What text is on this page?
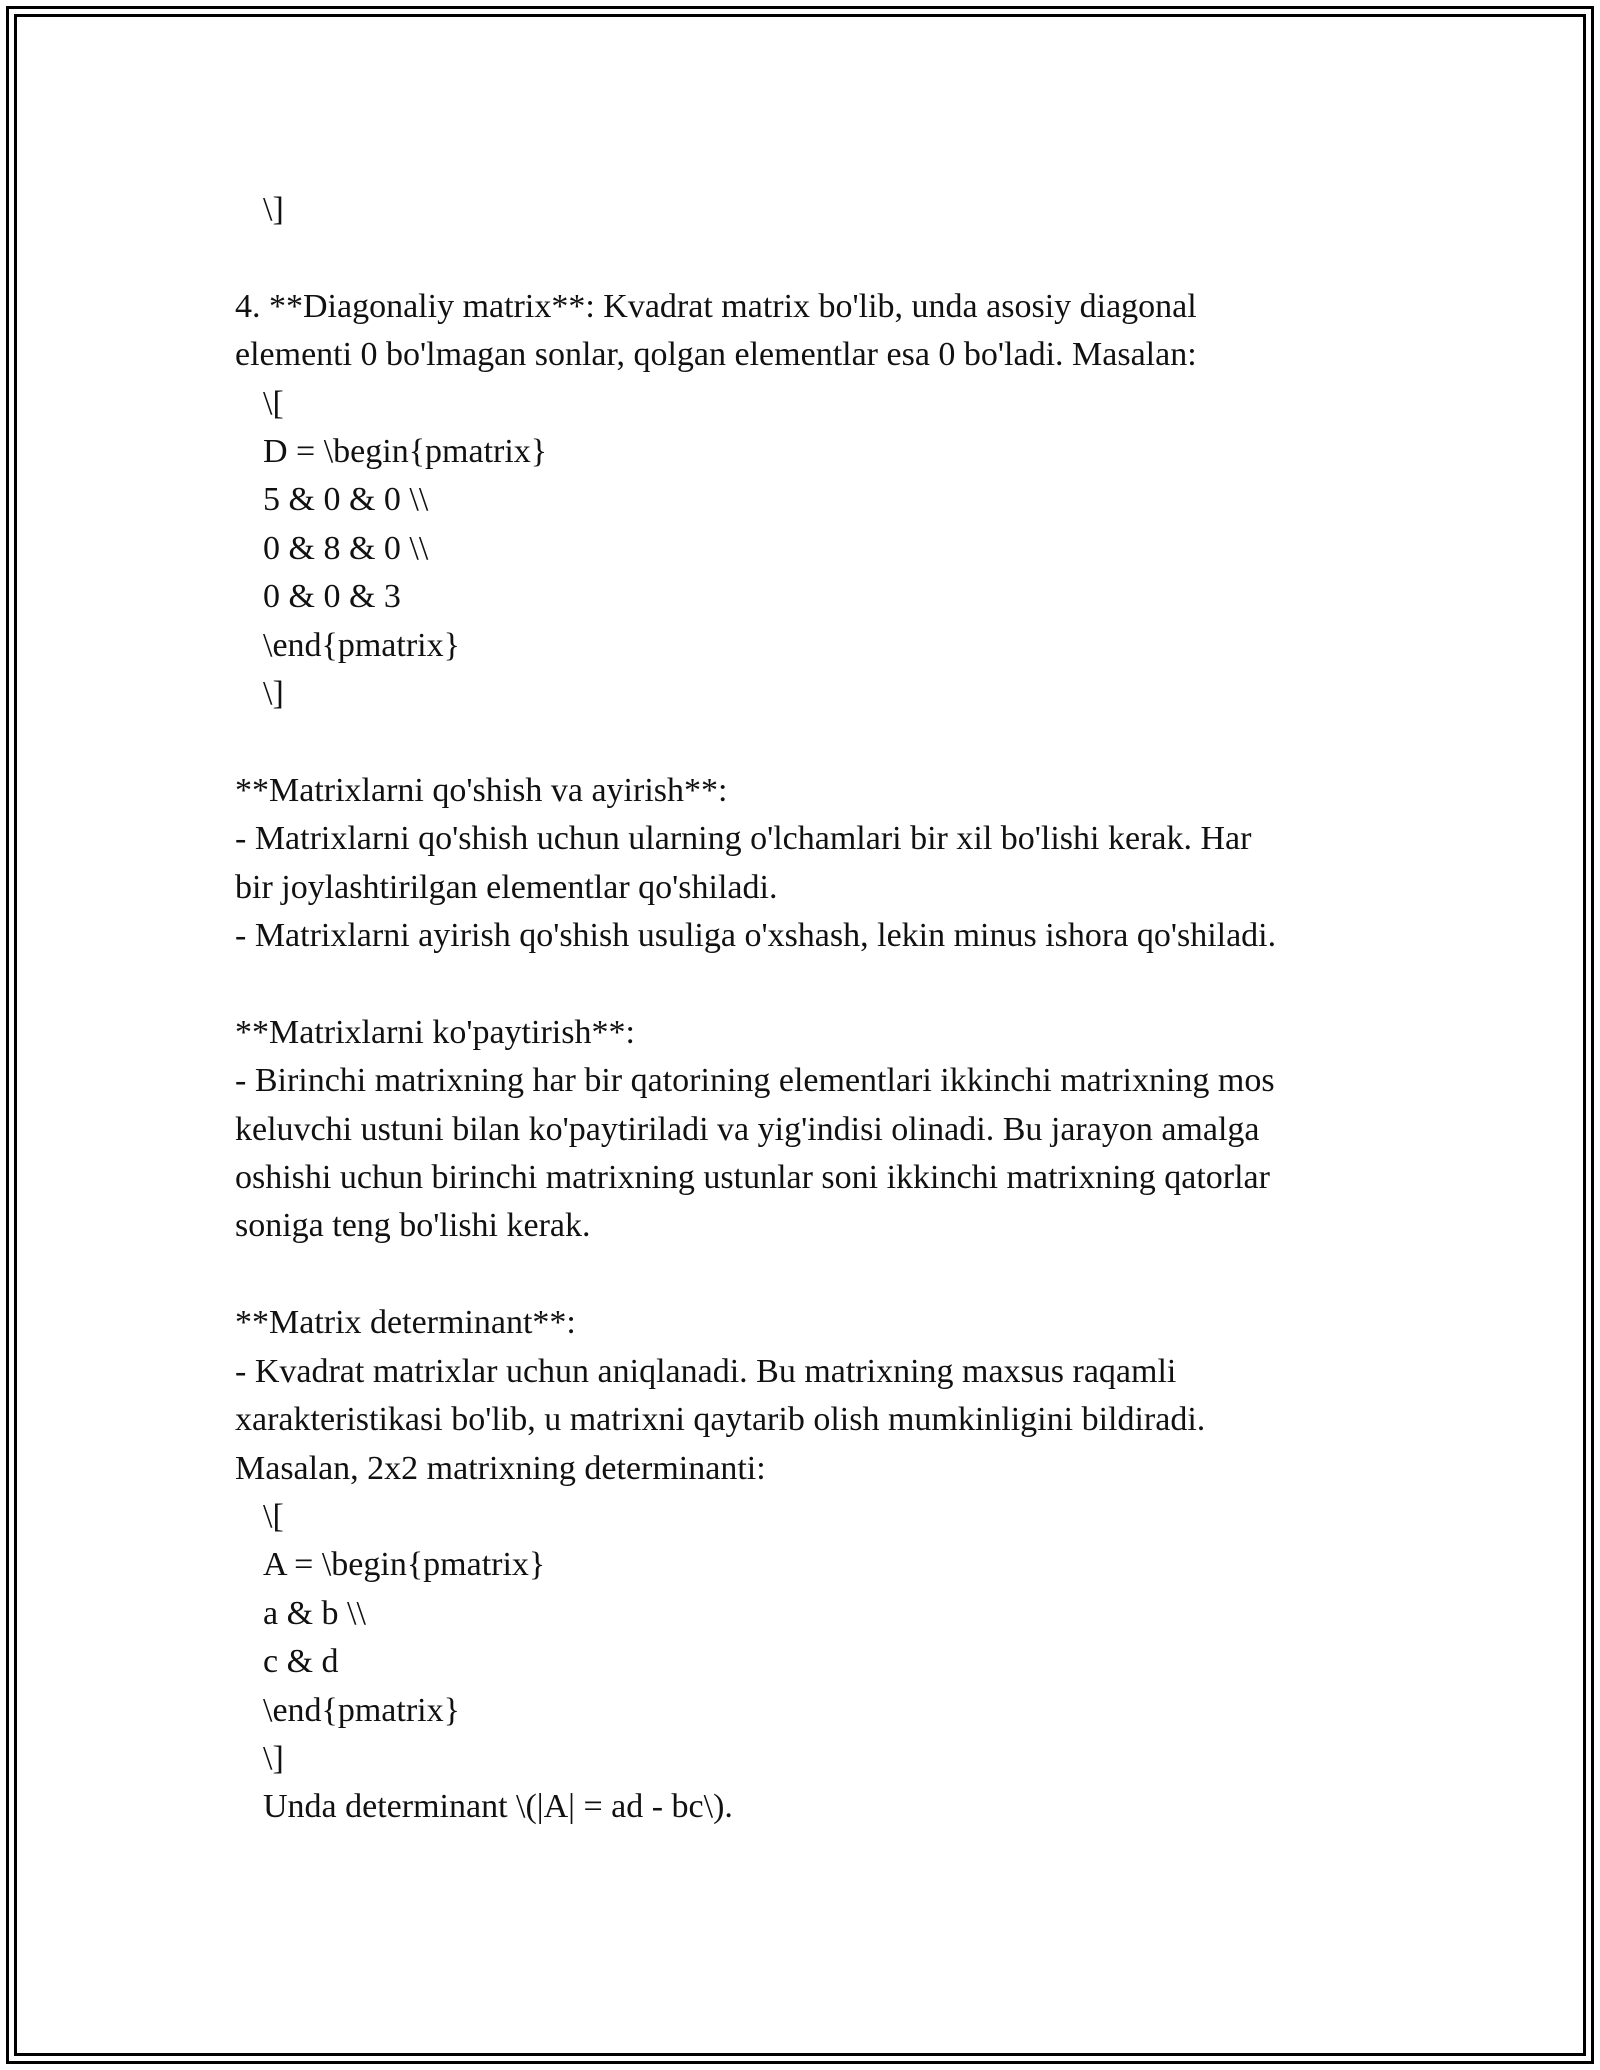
\]
4. **Diagonaliy matrix**: Kvadrat matrix bo'lib, unda asosiy diagonal
elementi 0 bo'lmagan sonlar, qolgan elementlar esa 0 bo'ladi. Masalan:
\[
D = \begin{pmatrix}
5 & 0 & 0 \\
0 & 8 & 0 \\
0 & 0 & 3
\end{pmatrix}
\]
**Matrixlarni qo'shish va ayirish**:
- Matrixlarni qo'shish uchun ularning o'lchamlari bir xil bo'lishi kerak. Har
bir joylashtirilgan elementlar qo'shiladi.
- Matrixlarni ayirish qo'shish usuliga o'xshash, lekin minus ishora qo'shiladi.
**Matrixlarni ko'paytirish**:
- Birinchi matrixning har bir qatorining elementlari ikkinchi matrixning mos
keluvchi ustuni bilan ko'paytiriladi va yig'indisi olinadi. Bu jarayon amalga
oshishi uchun birinchi matrixning ustunlar soni ikkinchi matrixning qatorlar
soniga teng bo'lishi kerak.
**Matrix determinant**:
- Kvadrat matrixlar uchun aniqlanadi. Bu matrixning maxsus raqamli
xarakteristikasi bo'lib, u matrixni qaytarib olish mumkinligini bildiradi.
Masalan, 2x2 matrixning determinanti:
\[
A = \begin{pmatrix}
a & b \\
c & d
\end{pmatrix}
\]
Unda determinant \(|A| = ad - bc\).
